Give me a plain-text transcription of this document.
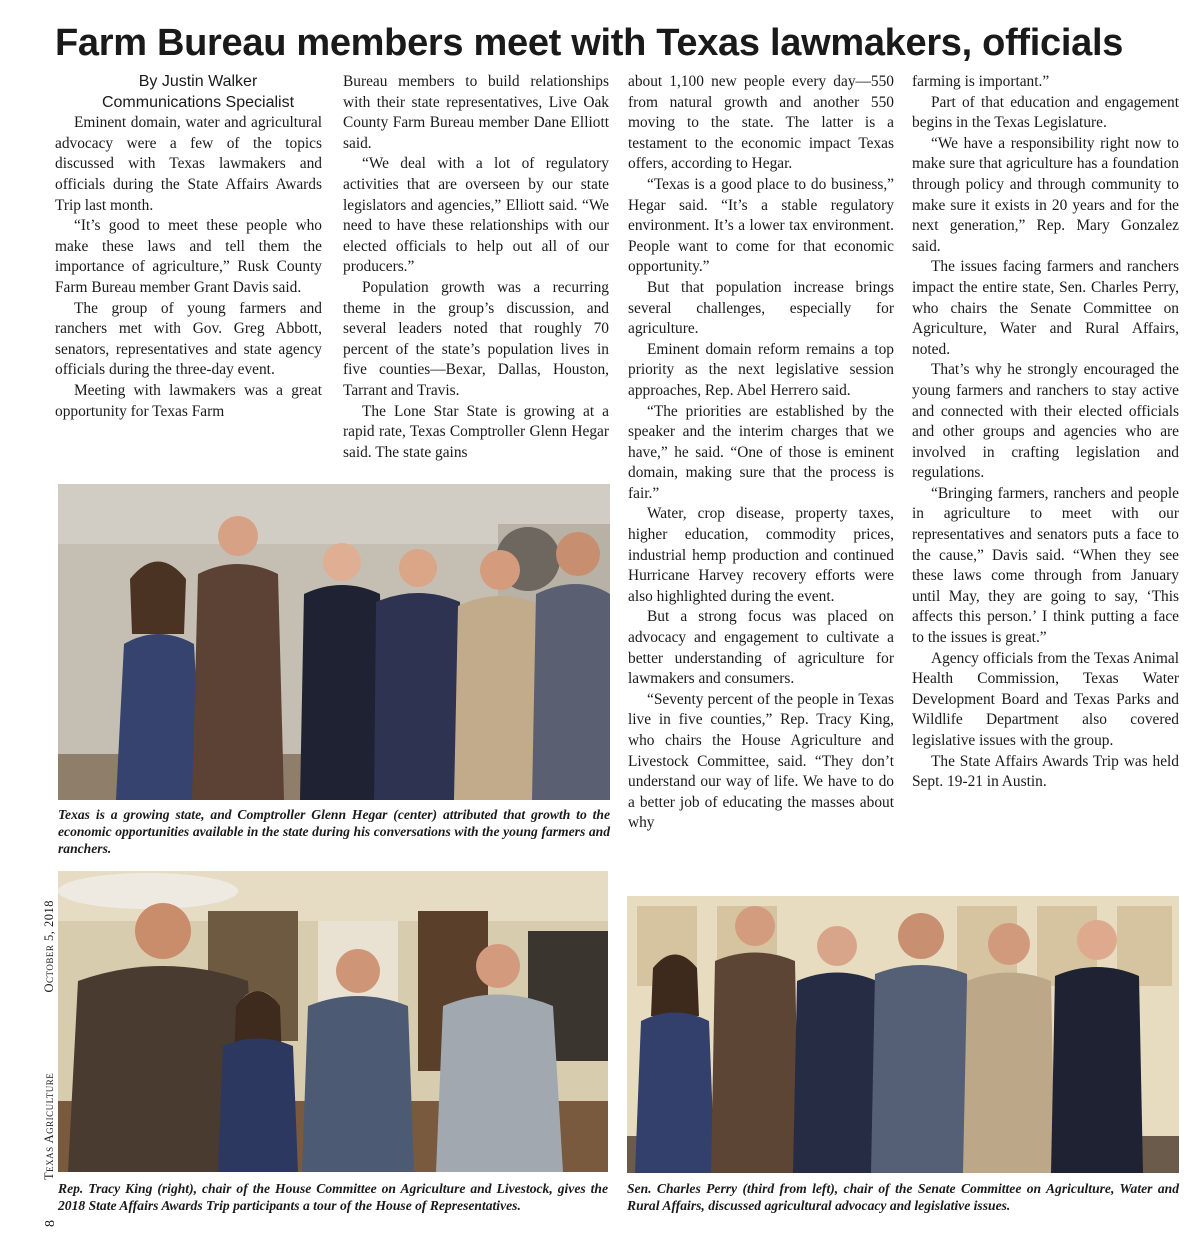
Farm Bureau members meet with Texas lawmakers, officials

By Justin Walker

Communications Specialist

Eminent domain, water and agricultural advocacy were a few of the topics discussed with Texas lawmakers and officials during the State Affairs Awards Trip last month.

“It’s good to meet these people who make these laws and tell them the importance of agriculture,” Rusk County Farm Bureau member Grant Davis said.

The group of young farmers and ranchers met with Gov. Greg Abbott, senators, representatives and state agency officials during the three-day event.

Meeting with lawmakers was a great opportunity for Texas Farm

Bureau members to build relationships with their state representatives, Live Oak County Farm Bureau member Dane Elliott said.

“We deal with a lot of regulatory activities that are overseen by our state legislators and agencies,” Elliott said. “We need to have these relationships with our elected officials to help out all of our producers.”

Population growth was a recurring theme in the group’s discussion, and several leaders noted that roughly 70 percent of the state’s population lives in five counties—Bexar, Dallas, Houston, Tarrant and Travis.

The Lone Star State is growing at a rapid rate, Texas Comptroller Glenn Hegar said. The state gains

about 1,100 new people every day—550 from natural growth and another 550 moving to the state. The latter is a testament to the economic impact Texas offers, according to Hegar.

“Texas is a good place to do business,” Hegar said. “It’s a stable regulatory environment. It’s a lower tax environment. People want to come for that economic opportunity.”

But that population increase brings several challenges, especially for agriculture.

Eminent domain reform remains a top priority as the next legislative session approaches, Rep. Abel Herrero said.

“The priorities are established by the speaker and the interim charges that we have,” he said. “One of those is eminent domain, making sure that the process is fair.”

Water, crop disease, property taxes, higher education, commodity prices, industrial hemp production and continued Hurricane Harvey recovery efforts were also highlighted during the event.

But a strong focus was placed on advocacy and engagement to cultivate a better understanding of agriculture for lawmakers and consumers.

“Seventy percent of the people in Texas live in five counties,” Rep. Tracy King, who chairs the House Agriculture and Livestock Committee, said. “They don’t understand our way of life. We have to do a better job of educating the masses about why

farming is important.”

Part of that education and engagement begins in the Texas Legislature.

“We have a responsibility right now to make sure that agriculture has a foundation through policy and through community to make sure it exists in 20 years and for the next generation,” Rep. Mary Gonzalez said.

The issues facing farmers and ranchers impact the entire state, Sen. Charles Perry, who chairs the Senate Committee on Agriculture, Water and Rural Affairs, noted.

That’s why he strongly encouraged the young farmers and ranchers to stay active and connected with their elected officials and other groups and agencies who are involved in crafting legislation and regulations.

“Bringing farmers, ranchers and people in agriculture to meet with our representatives and senators puts a face to the cause,” Davis said. “When they see these laws come through from January until May, they are going to say, ‘This affects this person.’ I think putting a face to the issues is great.”

Agency officials from the Texas Animal Health Commission, Texas Water Development Board and Texas Parks and Wildlife Department also covered legislative issues with the group.

The State Affairs Awards Trip was held Sept. 19-21 in Austin.

Texas is a growing state, and Comptroller Glenn Hegar (center) attributed that growth to the economic opportunities available in the state during his conversations with the young farmers and ranchers.
Rep. Tracy King (right), chair of the House Committee on Agriculture and Livestock, gives the 2018 State Affairs Awards Trip participants a tour of the House of Representatives.
Sen. Charles Perry (third from left), chair of the Senate Committee on Agriculture, Water and Rural Affairs, discussed agricultural advocacy and legislative issues.
Texas Agriculture
October 5, 2018
8
